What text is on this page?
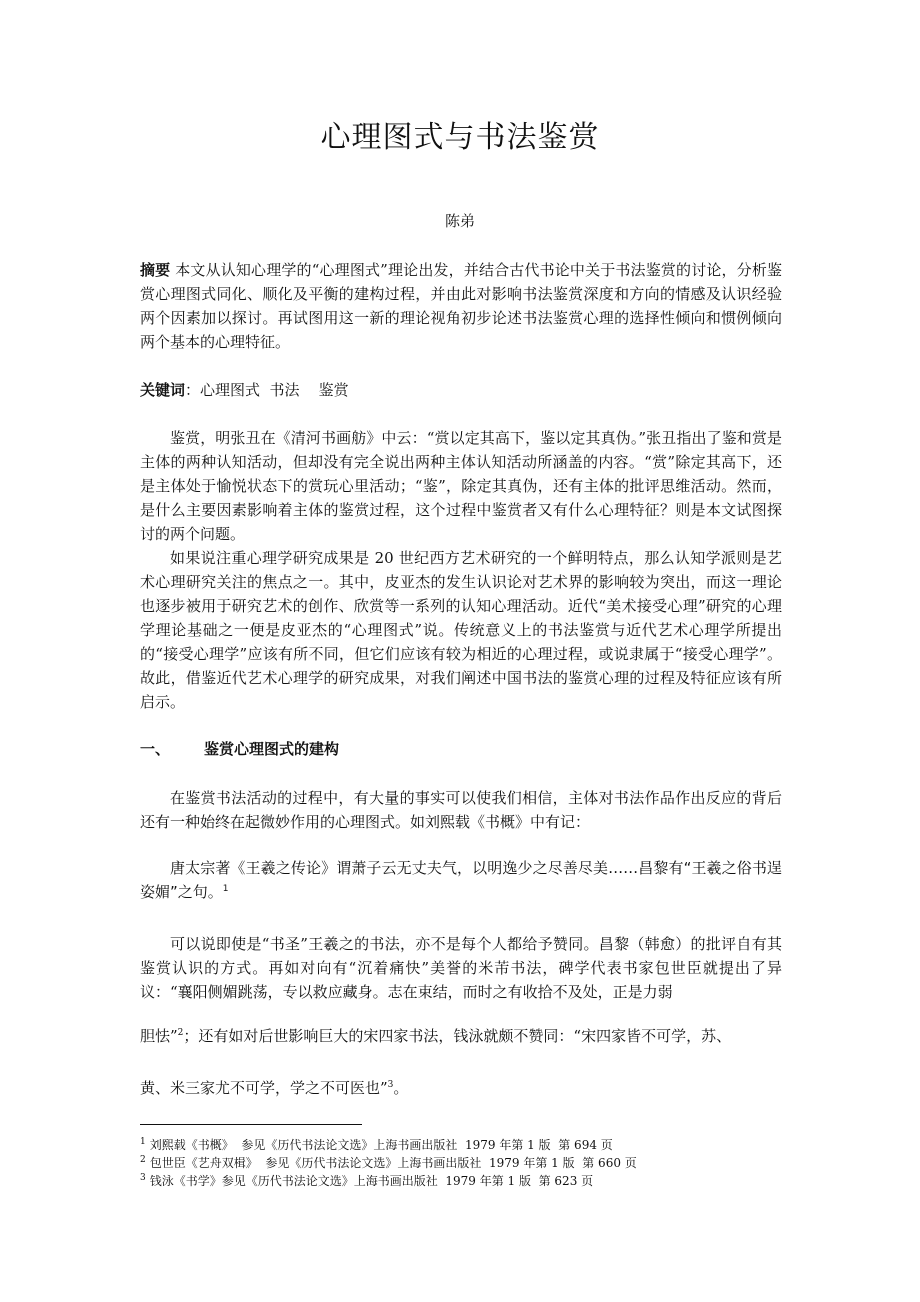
心理图式与书法鉴赏
陈弟
摘要 本文从认知心理学的“心理图式”理论出发，并结合古代书论中关于书法鉴赏的讨论，分析鉴赏心理图式同化、顺化及平衡的建构过程，并由此对影响书法鉴赏深度和方向的情感及认识经验两个因素加以探讨。再试图用这一新的理论视角初步论述书法鉴赏心理的选择性倾向和惯例倾向两个基本的心理特征。
关键词：心理图式  书法    鉴赏

鉴赏，明张丑在《清河书画舫》中云：“赏以定其高下，鉴以定其真伪。”张丑指出了鉴和赏是主体的两种认知活动，但却没有完全说出两种主体认知活动所涵盖的内容。“赏”除定其高下，还是主体处于愉悦状态下的赏玩心里活动；“鉴”，除定其真伪，还有主体的批评思维活动。然而，是什么主要因素影响着主体的鉴赏过程，这个过程中鉴赏者又有什么心理特征？则是本文试图探讨的两个问题。

如果说注重心理学研究成果是 20 世纪西方艺术研究的一个鲜明特点，那么认知学派则是艺术心理研究关注的焦点之一。其中，皮亚杰的发生认识论对艺术界的影响较为突出，而这一理论也逐步被用于研究艺术的创作、欣赏等一系列的认知心理活动。近代“美术接受心理”研究的心理学理论基础之一便是皮亚杰的“心理图式”说。传统意义上的书法鉴赏与近代艺术心理学所提出的“接受心理学”应该有所不同，但它们应该有较为相近的心理过程，或说隶属于“接受心理学”。故此，借鉴近代艺术心理学的研究成果，对我们阐述中国书法的鉴赏心理的过程及特征应该有所启示。

一、 鉴赏心理图式的建构

在鉴赏书法活动的过程中，有大量的事实可以使我们相信，主体对书法作品作出反应的背后还有一种始终在起微妙作用的心理图式。如刘熙载《书概》中有记：

唐太宗著《王羲之传论》谓萧子云无丈夫气，以明逸少之尽善尽美……昌黎有“王羲之俗书逞姿媚”之句。$^1$

可以说即使是“书圣”王羲之的书法，亦不是每个人都给予赞同。昌黎（韩愈）的批评自有其鉴赏认识的方式。再如对向有“沉着痛快”美誉的米芾书法，碑学代表书家包世臣就提出了异议：“襄阳侧媚跳荡，专以救应藏身。志在束结，而时之有收拾不及处，正是力弱

胆怯”$^2$；还有如对后世影响巨大的宋四家书法，钱泳就颇不赞同：“宋四家皆不可学，苏、

黄、米三家尤不可学，学之不可医也”$^3$。

$^1$ 刘熙载《书概》  参见《历代书法论文选》上海书画出版社  1979 年第 1 版  第 694 页

$^2$ 包世臣《艺舟双楫》  参见《历代书法论文选》上海书画出版社  1979 年第 1 版  第 660 页

$^3$ 钱泳《书学》参见《历代书法论文选》上海书画出版社  1979 年第 1 版  第 623 页
